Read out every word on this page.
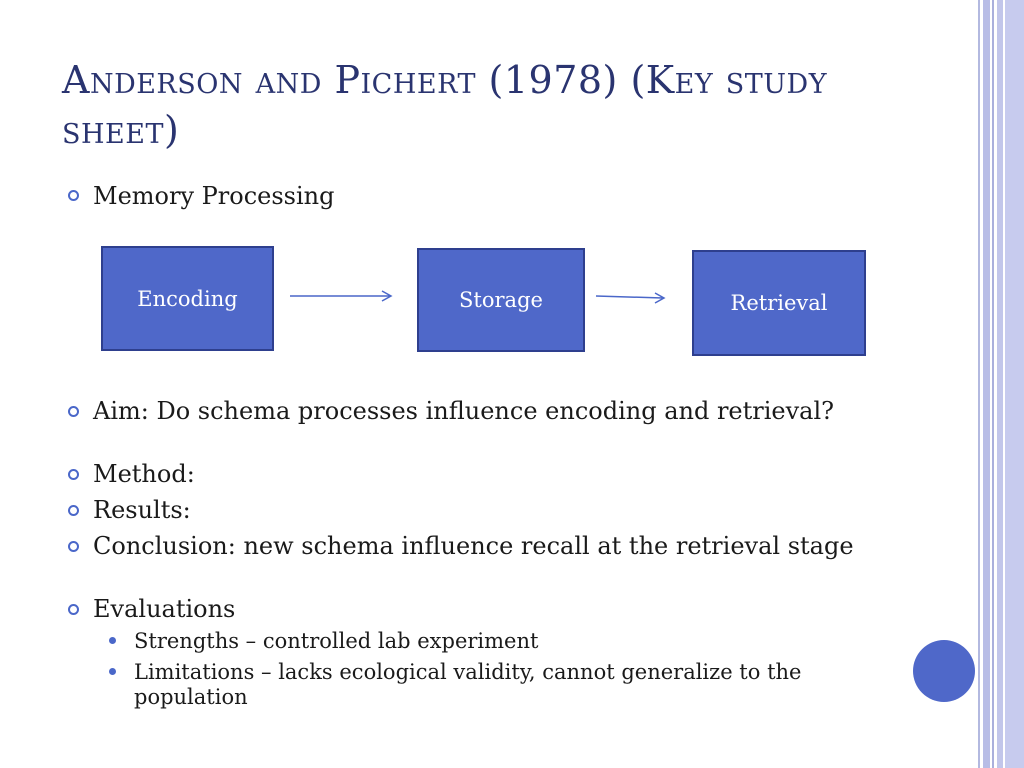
Anderson and Pichert (1978) (Key study sheet)
Memory Processing
Encoding	Storage	Retrieval
Aim: Do schema processes influence encoding and retrieval?
Method:
Results:
Conclusion: new schema influence recall at the retrieval stage
Evaluations
Strengths – controlled lab experiment
Limitations – lacks ecological validity, cannot generalize to the population
